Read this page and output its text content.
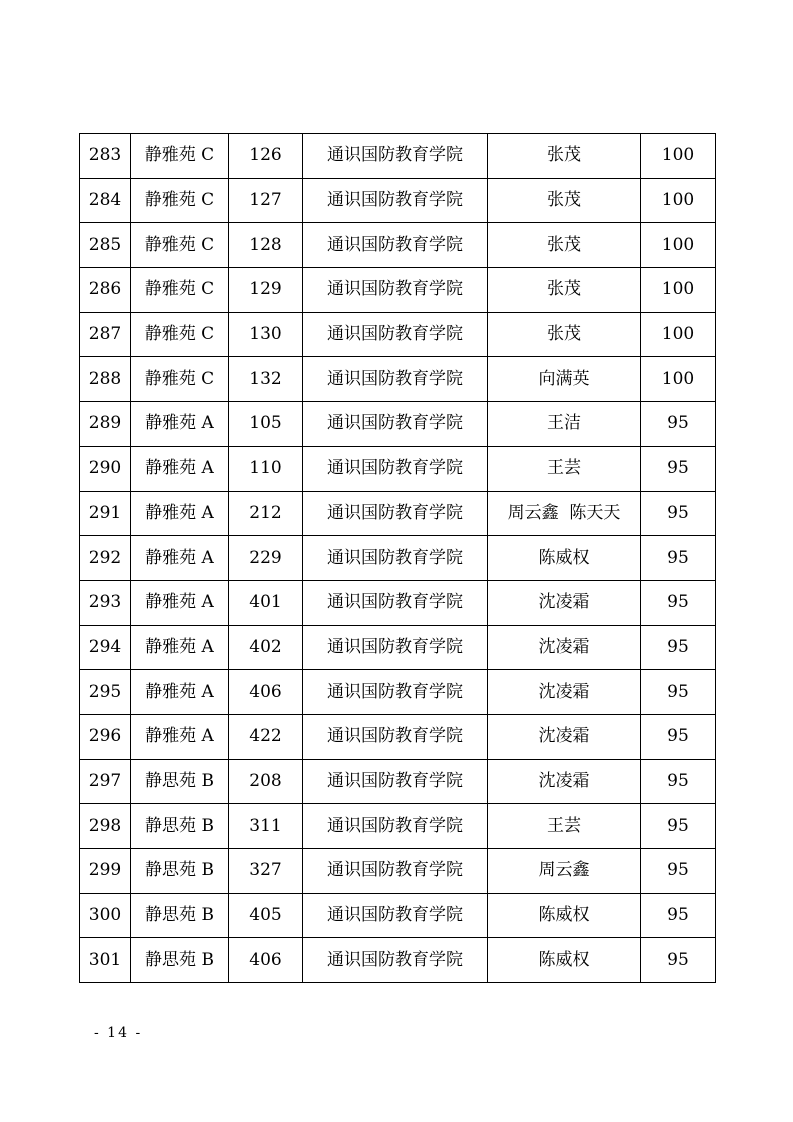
283	静雅苑 C	126	通识国防教育学院	张茂	100
284	静雅苑 C	127	通识国防教育学院	张茂	100
285	静雅苑 C	128	通识国防教育学院	张茂	100
286	静雅苑 C	129	通识国防教育学院	张茂	100
287	静雅苑 C	130	通识国防教育学院	张茂	100
288	静雅苑 C	132	通识国防教育学院	向满英	100
289	静雅苑 A	105	通识国防教育学院	王洁	95
290	静雅苑 A	110	通识国防教育学院	王芸	95
291	静雅苑 A	212	通识国防教育学院	周云鑫  陈天天	95
292	静雅苑 A	229	通识国防教育学院	陈威权	95
293	静雅苑 A	401	通识国防教育学院	沈凌霜	95
294	静雅苑 A	402	通识国防教育学院	沈凌霜	95
295	静雅苑 A	406	通识国防教育学院	沈凌霜	95
296	静雅苑 A	422	通识国防教育学院	沈凌霜	95
297	静思苑 B	208	通识国防教育学院	沈凌霜	95
298	静思苑 B	311	通识国防教育学院	王芸	95
299	静思苑 B	327	通识国防教育学院	周云鑫	95
300	静思苑 B	405	通识国防教育学院	陈威权	95
301	静思苑 B	406	通识国防教育学院	陈威权	95
- 14 -
